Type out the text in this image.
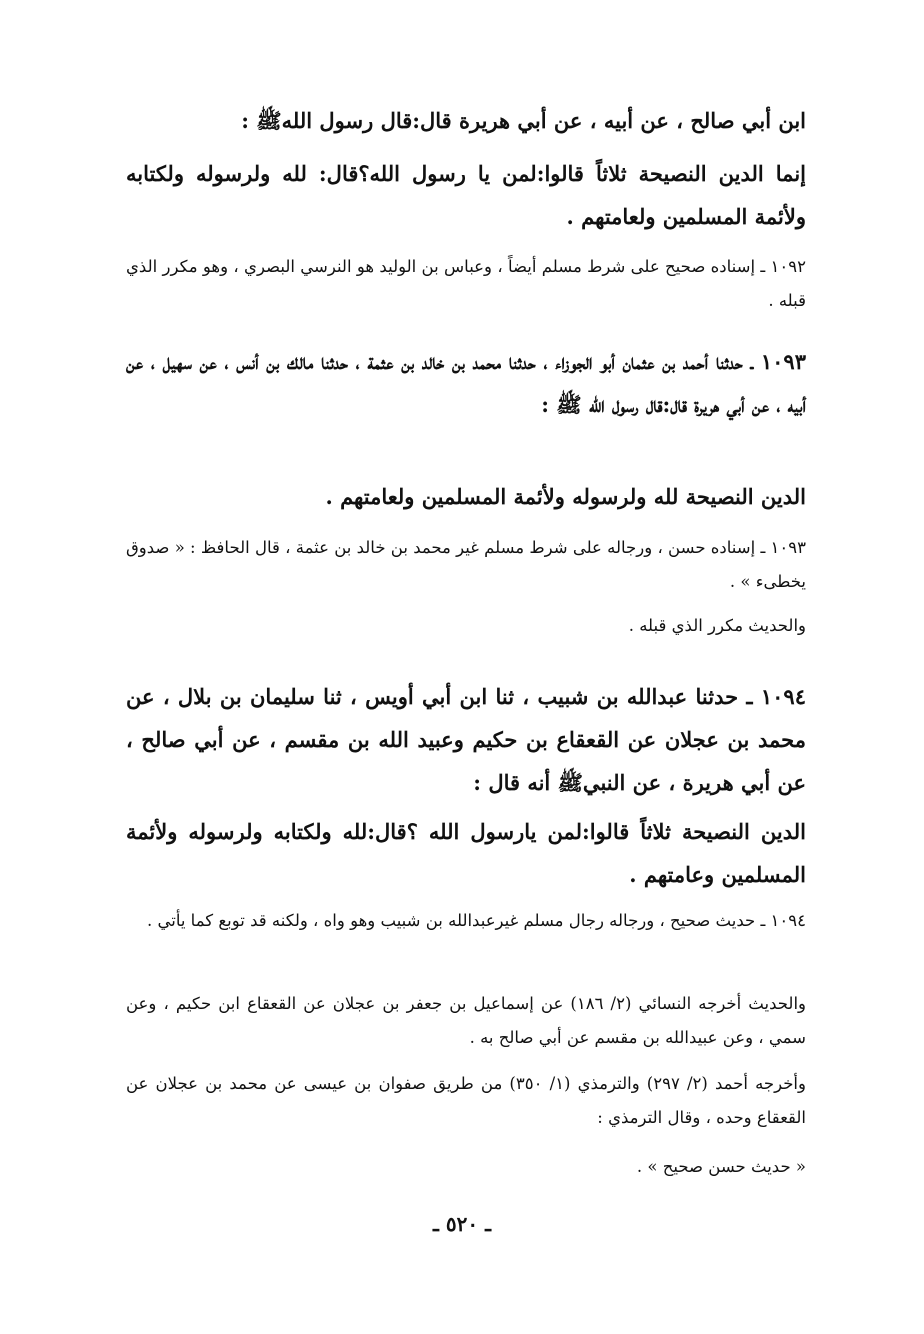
ابن أبي صالح ، عن أبيه ، عن أبي هريرة قال:قال رسول اللهﷺ :
إنما الدين النصيحة ثلاثاً قالوا:لمن يا رسول الله؟قال: لله ولرسوله ولكتابه ولأئمة المسلمين ولعامتهم .
١٠٩٢ ـ إسناده صحيح على شرط مسلم أيضاً ، وعباس بن الوليد هو النرسي البصري ، وهو مكرر الذي قبله .
١٠٩٣ ـ حدثنا أحمد بن عثمان أبو الجوزاء ، حدثنا محمد بن خالد بن عثمة ، حدثنا مالك بن أنس ، عن سهيل ، عن أبيه ، عن أبي هريرة قال:قال رسول الله ﷺ :
الدين النصيحة لله ولرسوله ولأئمة المسلمين ولعامتهم .
١٠٩٣ ـ إسناده حسن ، ورجاله على شرط مسلم غير محمد بن خالد بن عثمة ، قال الحافظ : « صدوق يخطىء » .
والحديث مكرر الذي قبله .
١٠٩٤ ـ حدثنا عبدالله بن شبيب ، ثنا ابن أبي أويس ، ثنا سليمان بن بلال ، عن محمد بن عجلان عن القعقاع بن حكيم وعبيد الله بن مقسم ، عن أبي صالح ، عن أبي هريرة ، عن النبيﷺ أنه قال :
الدين النصيحة ثلاثاً قالوا:لمن يارسول الله ؟قال:لله ولكتابه ولرسوله ولأئمة المسلمين وعامتهم .
١٠٩٤ ـ حديث صحيح ، ورجاله رجال مسلم غيرعبدالله بن شبيب وهو واه ، ولكنه قد توبع كما يأتي .
والحديث أخرجه النسائي (٢/ ١٨٦) عن إسماعيل بن جعفر بن عجلان عن القعقاع ابن حكيم ، وعن سمي ، وعن عبيدالله بن مقسم عن أبي صالح به .
وأخرجه أحمد (٢/ ٢٩٧) والترمذي (١/ ٣٥٠) من طريق صفوان بن عيسى عن محمد بن عجلان عن القعقاع وحده ، وقال الترمذي :
« حديث حسن صحيح » .
ـ ٥٢٠ ـ
